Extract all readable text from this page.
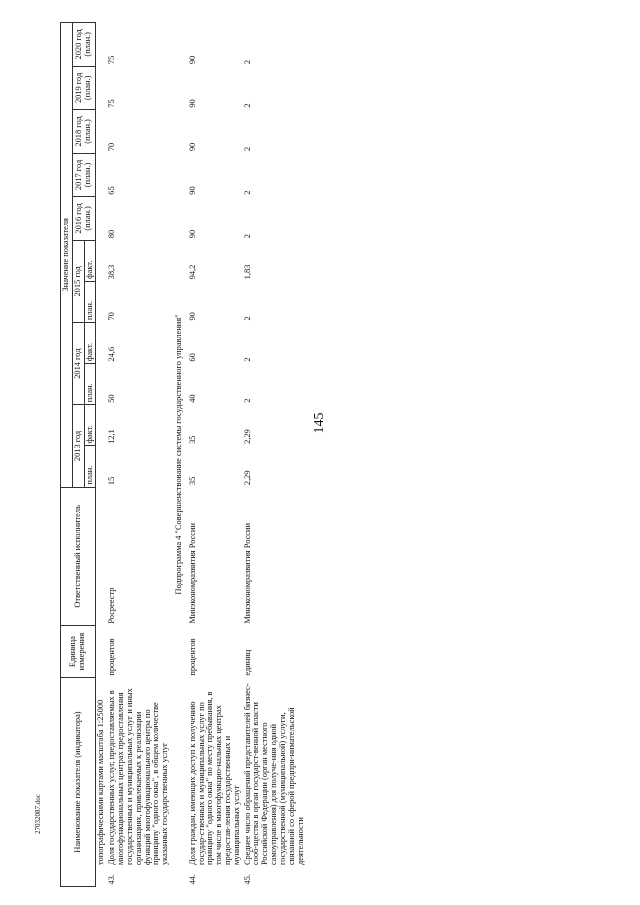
145
27032087.doc	Наименование показателя (индикатора)		Единица измерения	Ответственный исполнитель	Значение показателя										
				2013 год		2014 год		2015 год		2016 год (план.)	2017 год (план.)	2018 год (план.)	2019 год (план.)	2020 год (план.)
				план.	факт.	план.	факт.	план.	факт.					
	топографическими картами масштаба 1:25000													
43.	Доля государственных услуг, предоставляемых в многофункциональных центрах предоставления государственных и муниципальных услуг и иных организациях, привлекаемых к реализации функций многофункционального центра по принципу "одного окна", в общем количестве указанных государственных услуг	процентов	Росреестр	15	12,1	50	24,6	70	38,3	80	65	70	75	75
Подпрограмма 4 "Совершенствование системы государственного управления"														
44.	Доля граждан, имеющих доступ к получению государ-ственных и муниципальных услуг по принципу "одного окна" по месту пребывания, в том числе в многофункцио-нальных центрах предостав-ления государственных и муниципальных услуг	процентов	Минэкономразвития России	35	35	40	60	90	94,2	90	90	90	90	90
45.	Среднее число обращений представителей бизнес-сооб-щества в орган государст-венной власти Российской Федерации (орган местного самоуправления) для получе-ния одной государственной (муниципальной) услуги, связанной со сферой предпри-нимательской деятельности	единиц	Минэкономразвития России	2,29	2,29	2	2	2	1,83	2	2	2	2	2
